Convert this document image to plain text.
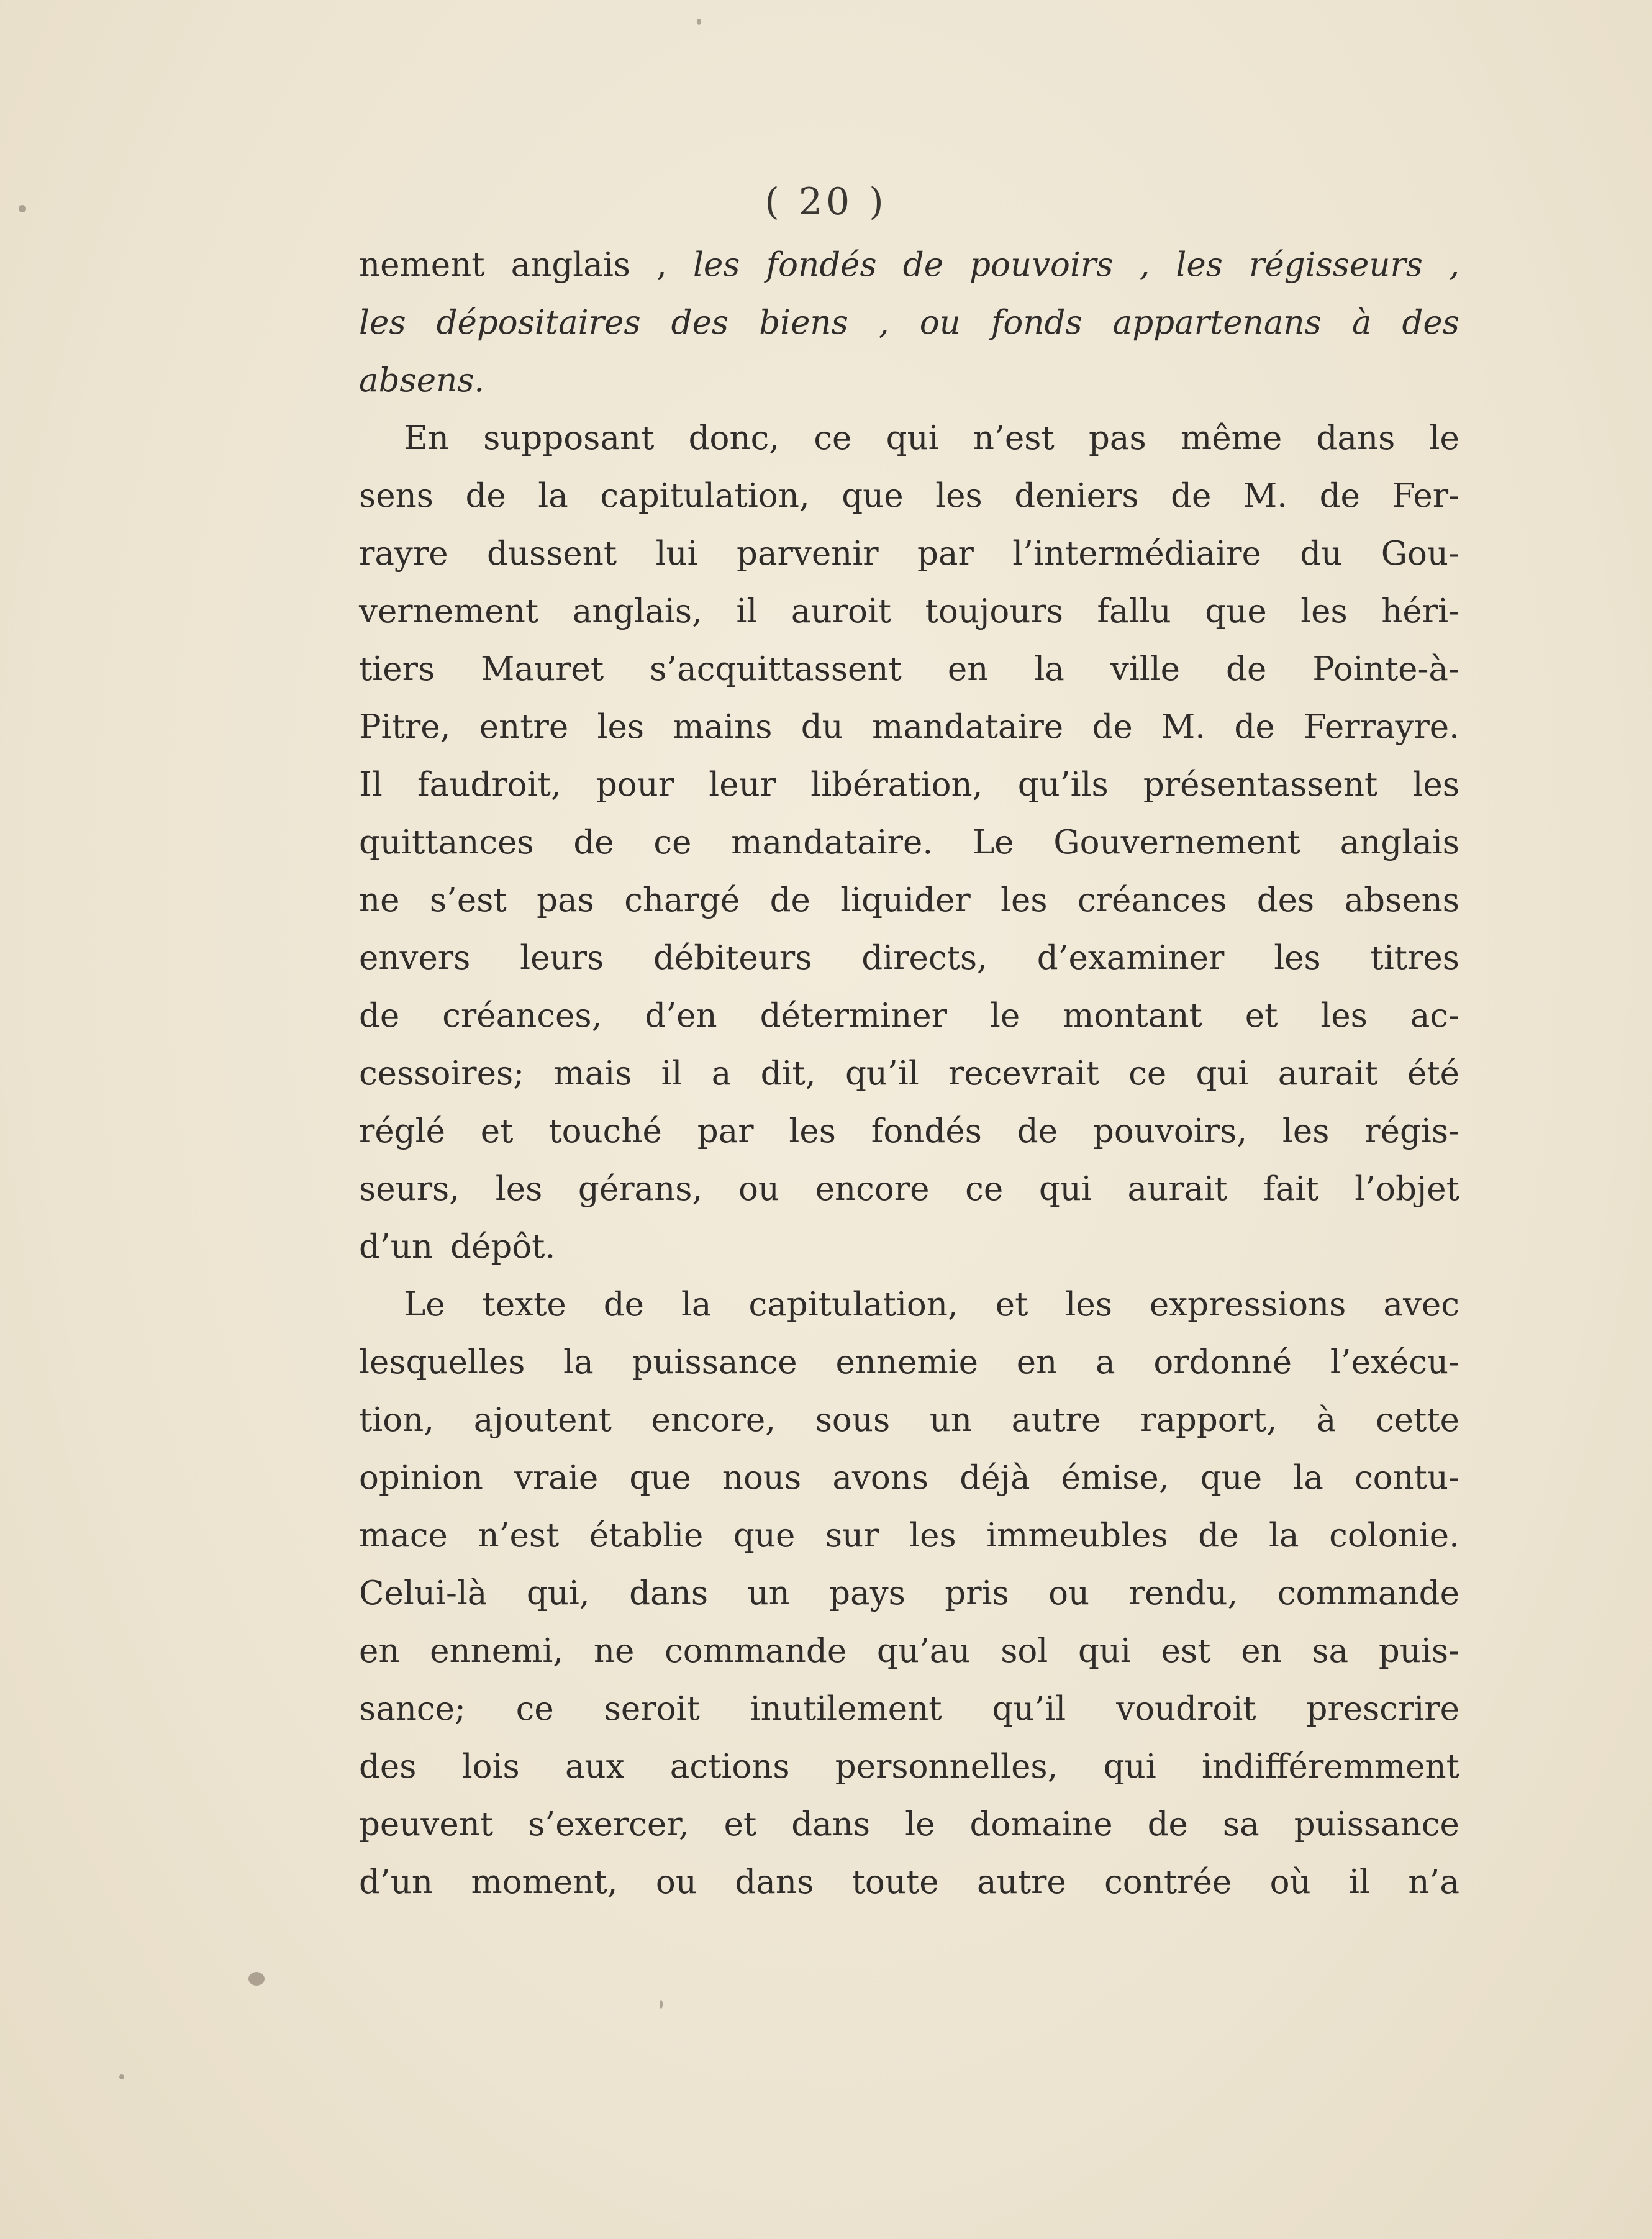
( 20 )
nement anglais , les fondés de pouvoirs , les régisseurs ,
les dépositaires des biens , ou fonds appartenans à des
absens.
En supposant donc, ce qui n’est pas même dans le
sens de la capitulation, que les deniers de M. de Fer-
rayre dussent lui parvenir par l’intermédiaire du Gou-
vernement anglais, il auroit toujours fallu que les héri-
tiers Mauret s’acquittassent en la ville de Pointe-à-
Pitre, entre les mains du mandataire de M. de Ferrayre.
Il faudroit, pour leur libération, qu’ils présentassent les
quittances de ce mandataire. Le Gouvernement anglais
ne s’est pas chargé de liquider les créances des absens
envers leurs débiteurs directs, d’examiner les titres
de créances, d’en déterminer le montant et les ac-
cessoires; mais il a dit, qu’il recevrait ce qui aurait été
réglé et touché par les fondés de pouvoirs, les régis-
seurs, les gérans, ou encore ce qui aurait fait l’objet
d’un dépôt.
Le texte de la capitulation, et les expressions avec
lesquelles la puissance ennemie en a ordonné l’exécu-
tion, ajoutent encore, sous un autre rapport, à cette
opinion vraie que nous avons déjà émise, que la contu-
mace n’est établie que sur les immeubles de la colonie.
Celui-là qui, dans un pays pris ou rendu, commande
en ennemi, ne commande qu’au sol qui est en sa puis-
sance; ce seroit inutilement qu’il voudroit prescrire
des lois aux actions personnelles, qui indifféremment
peuvent s’exercer, et dans le domaine de sa puissance
d’un moment, ou dans toute autre contrée où il n’a
